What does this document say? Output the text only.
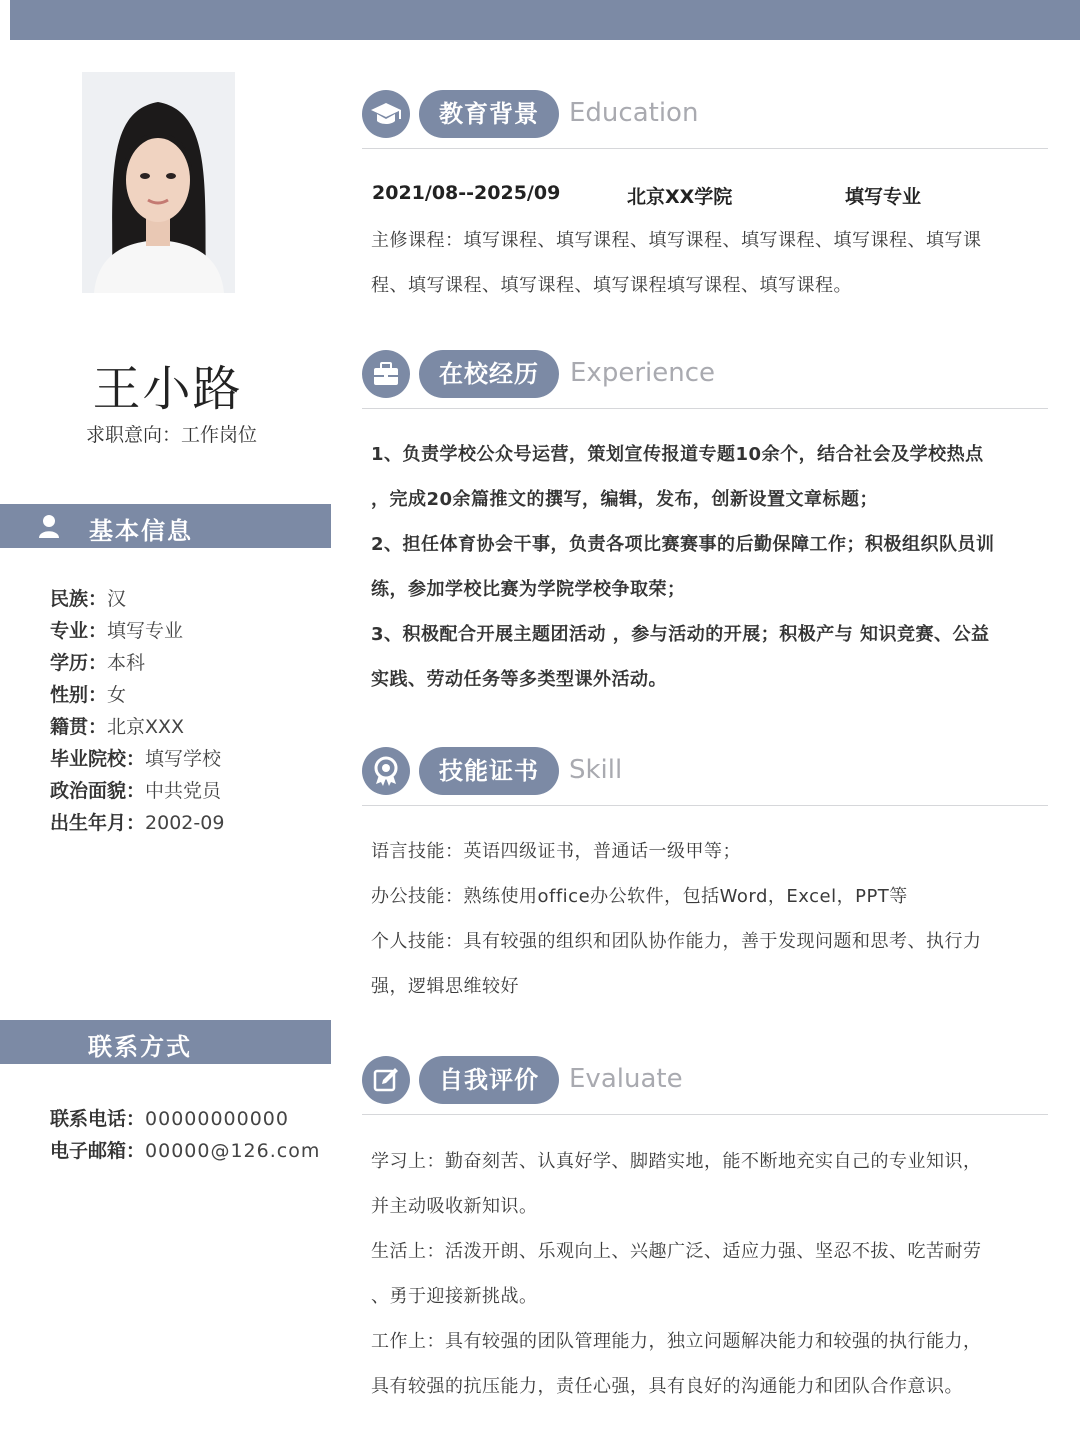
王小路
求职意向：工作岗位
基本信息
民族：汉
专业：填写专业
学历：本科
性别：女
籍贯：北京XXX
毕业院校：填写学校
政治面貌：中共党员
出生年月：2002-09
联系方式
联系电话：00000000000
电子邮箱：00000@126.com
教育背景	Education
2021/08--2025/09	北京XX学院	填写专业

主修课程：填写课程、填写课程、填写课程、填写课程、填写课程、填写课

程、填写课程、填写课程、填写课程填写课程、填写课程。

在校经历	Experience

1、负责学校公众号运营，策划宣传报道专题10余个，结合社会及学校热点

，完成20余篇推文的撰写，编辑，发布，创新设置文章标题；

2、担任体育协会干事，负责各项比赛赛事的后勤保障工作；积极组织队员训

练，参加学校比赛为学院学校争取荣；

3、积极配合开展主题团活动 ，参与活动的开展；积极产与 知识竞赛、公益

实践、劳动任务等多类型课外活动。

技能证书	Skill

语言技能：英语四级证书，普通话一级甲等；

办公技能：熟练使用office办公软件，包括Word，Excel，PPT等

个人技能：具有较强的组织和团队协作能力，善于发现问题和思考、执行力

强，逻辑思维较好

自我评价	Evaluate

学习上：勤奋刻苦、认真好学、脚踏实地，能不断地充实自己的专业知识，

并主动吸收新知识。

生活上：活泼开朗、乐观向上、兴趣广泛、适应力强、坚忍不拔、吃苦耐劳

、勇于迎接新挑战。

工作上：具有较强的团队管理能力，独立问题解决能力和较强的执行能力，

具有较强的抗压能力，责任心强，具有良好的沟通能力和团队合作意识。
